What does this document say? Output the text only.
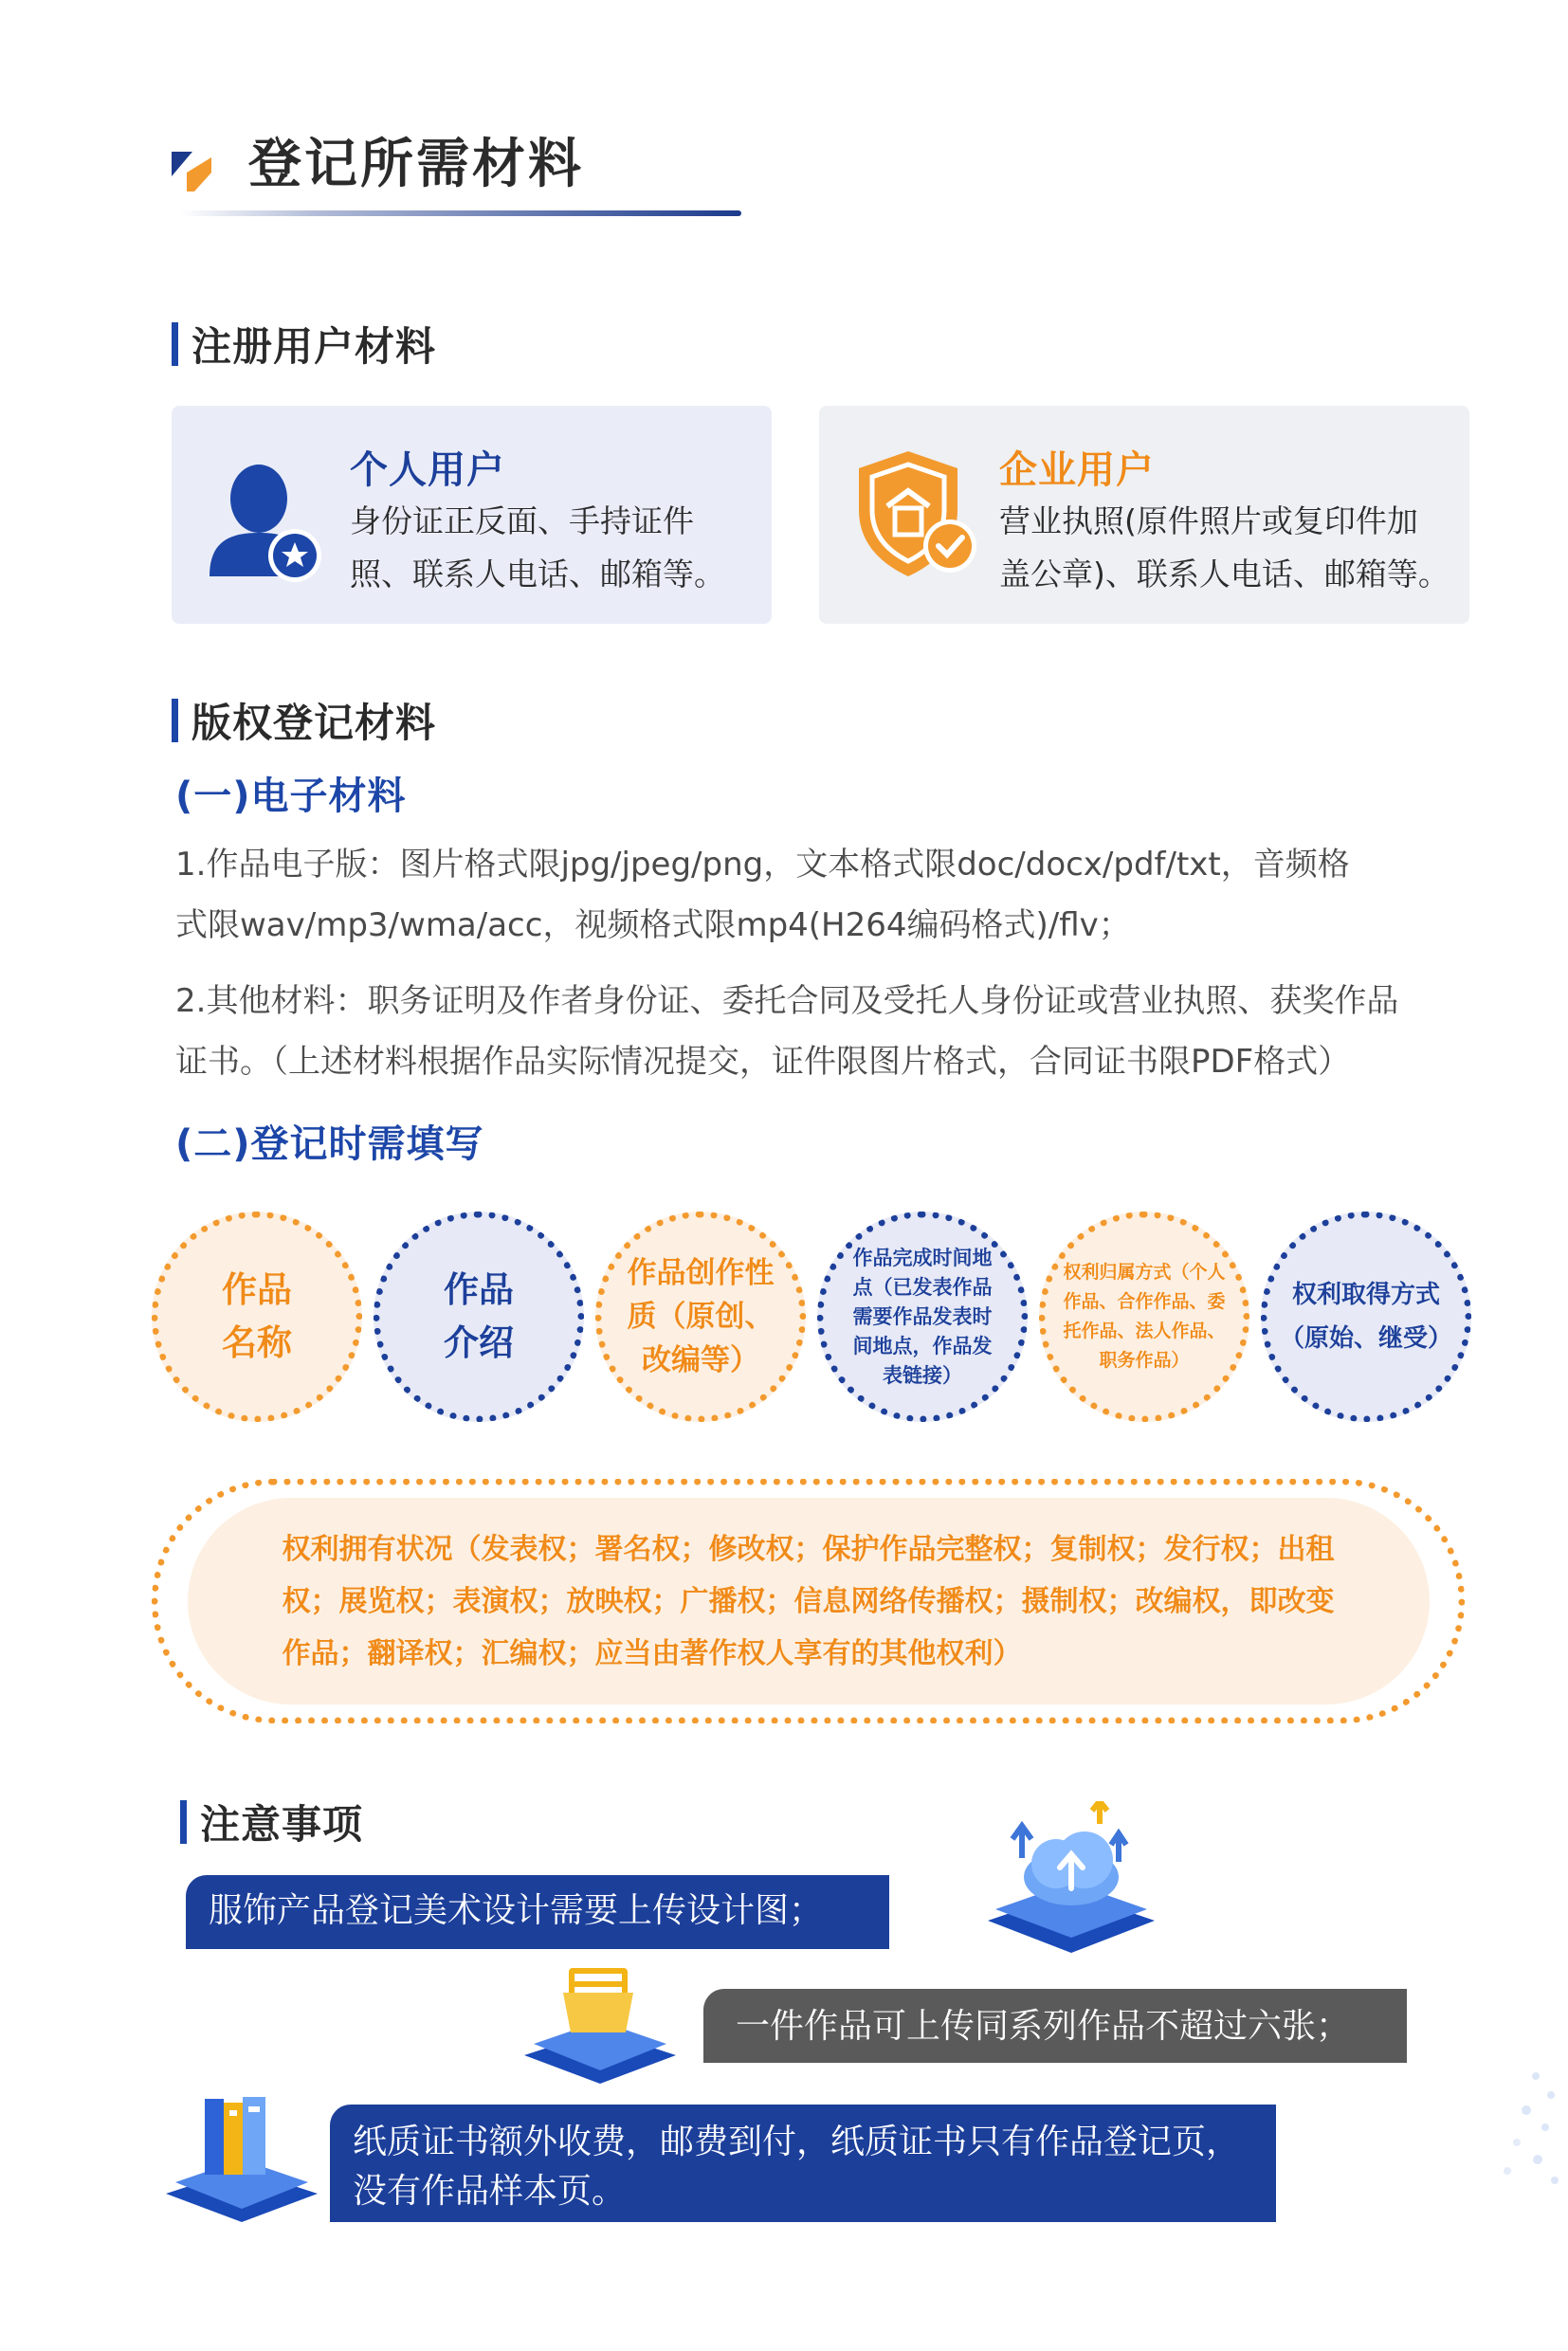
登记所需材料
注册用户材料
个人用户
身份证正反面、手持证件
照、联系人电话、邮箱等。
企业用户
营业执照(原件照片或复印件加
盖公章)、联系人电话、邮箱等。
版权登记材料
(一)电子材料
1.作品电子版：图片格式限jpg/jpeg/png，文本格式限doc/docx/pdf/txt，音频格
式限wav/mp3/wma/acc，视频格式限mp4(H264编码格式)/flv；
2.其他材料：职务证明及作者身份证、委托合同及受托人身份证或营业执照、获奖作品
证书。（上述材料根据作品实际情况提交，证件限图片格式，合同证书限PDF格式）
(二)登记时需填写
作品
名称
作品
介绍
作品创作性
质（原创、
改编等）
作品完成时间地
点（已发表作品
需要作品发表时
间地点，作品发
表链接）
权利归属方式（个人
作品、合作作品、委
托作品、法人作品、
职务作品）
权利取得方式
（原始、继受）
权利拥有状况（发表权；署名权；修改权；保护作品完整权；复制权；发行权；出租
权；展览权；表演权；放映权；广播权；信息网络传播权；摄制权；改编权，即改变
作品；翻译权；汇编权；应当由著作权人享有的其他权利）
注意事项
服饰产品登记美术设计需要上传设计图；
一件作品可上传同系列作品不超过六张；
纸质证书额外收费，邮费到付，纸质证书只有作品登记页，
没有作品样本页。
